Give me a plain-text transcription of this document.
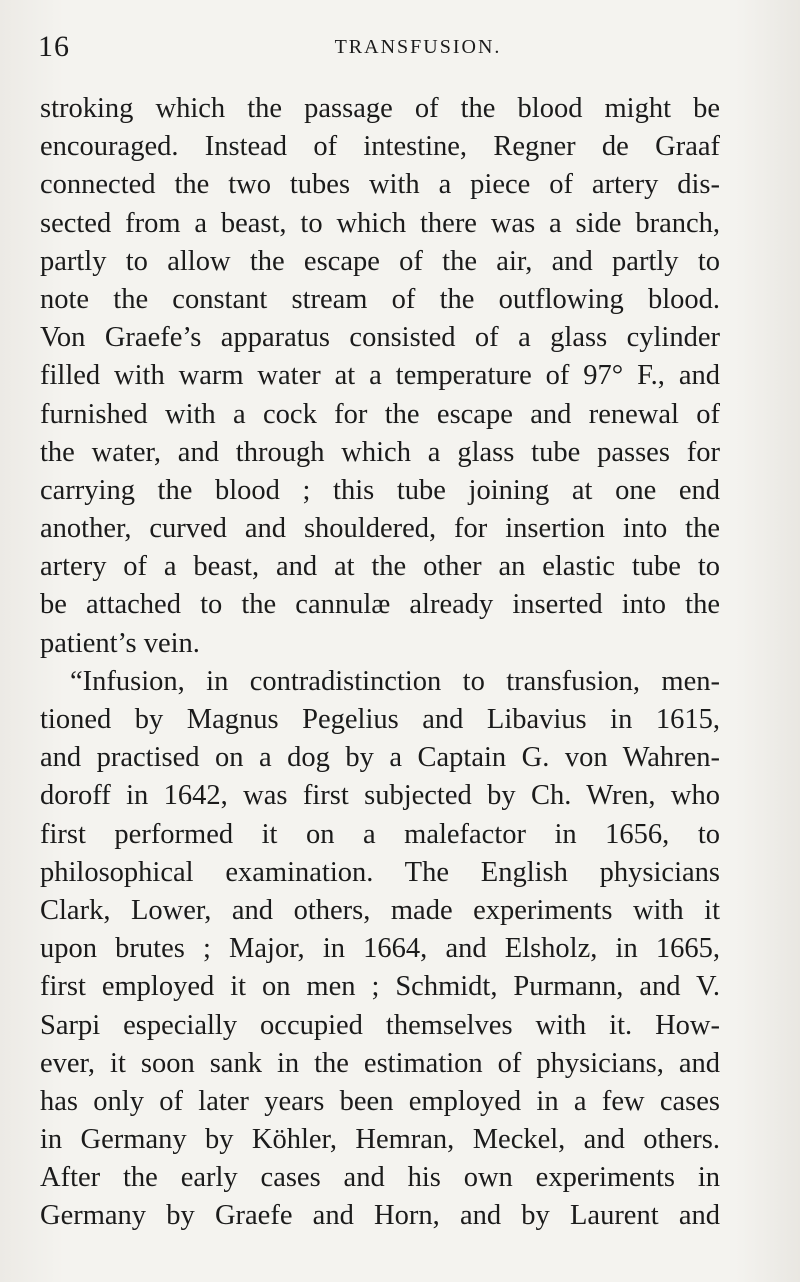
16	TRANSFUSION.
stroking which the passage of the blood might be
encouraged. Instead of intestine, Regner de Graaf
connected the two tubes with a piece of artery dis-
sected from a beast, to which there was a side branch,
partly to allow the escape of the air, and partly to
note the constant stream of the outflowing blood.
Von Graefe’s apparatus consisted of a glass cylinder
filled with warm water at a temperature of 97° F., and
furnished with a cock for the escape and renewal of
the water, and through which a glass tube passes for
carrying the blood ; this tube joining at one end
another, curved and shouldered, for insertion into the
artery of a beast, and at the other an elastic tube to
be attached to the cannulæ already inserted into the
patient’s vein.
“Infusion, in contradistinction to transfusion, men-
tioned by Magnus Pegelius and Libavius in 1615,
and practised on a dog by a Captain G. von Wahren-
doroff in 1642, was first subjected by Ch. Wren, who
first performed it on a malefactor in 1656, to
philosophical examination. The English physicians
Clark, Lower, and others, made experiments with it
upon brutes ; Major, in 1664, and Elsholz, in 1665,
first employed it on men ; Schmidt, Purmann, and V.
Sarpi especially occupied themselves with it. How-
ever, it soon sank in the estimation of physicians, and
has only of later years been employed in a few cases
in Germany by Köhler, Hemran, Meckel, and others.
After the early cases and his own experiments in
Germany by Graefe and Horn, and by Laurent and
